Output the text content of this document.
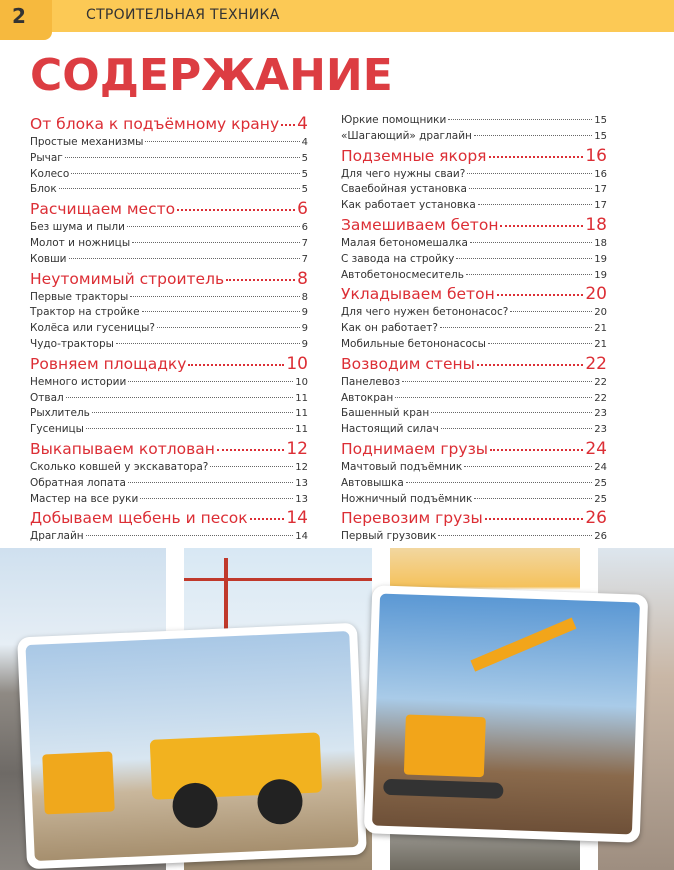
2	СТРОИТЕЛЬНАЯ ТЕХНИКА
СОДЕРЖАНИЕ
От блока к подъёмному крану 4
Простые механизмы	4
Рычаг	5
Колесо	5
Блок	5
Расчищаем место	6
Без шума и пыли	6
Молот и ножницы	7
Ковши	7
Неутомимый строитель	8
Первые тракторы	8
Трактор на стройке	9
Колёса или гусеницы?	9
Чудо-тракторы	9
Ровняем площадку	10
Немного истории	10
Отвал	11
Рыхлитель	11
Гусеницы	11
Выкапываем котлован	12
Сколько ковшей у экскаватора?	12
Обратная лопата	13
Мастер на все руки	13
Добываем щебень и песок 14
Драглайн	14
Юркие помощники	15
«Шагающий» драглайн	15
Подземные якоря	16
Для чего нужны сваи?	16
Сваебойная установка	17
Как работает установка	17
Замешиваем бетон	18
Малая бетономешалка	18
С завода на стройку	19
Автобетоносмеситель	19
Укладываем бетон	20
Для чего нужен бетононасос?	20
Как он работает?	21
Мобильные бетононасосы	21
Возводим стены	22
Панелевоз	22
Автокран	22
Башенный кран	23
Настоящий силач	23
Поднимаем грузы	24
Мачтовый подъёмник	24
Автовышка	25
Ножничный подъёмник	25
Перевозим грузы	26
Первый грузовик	26
